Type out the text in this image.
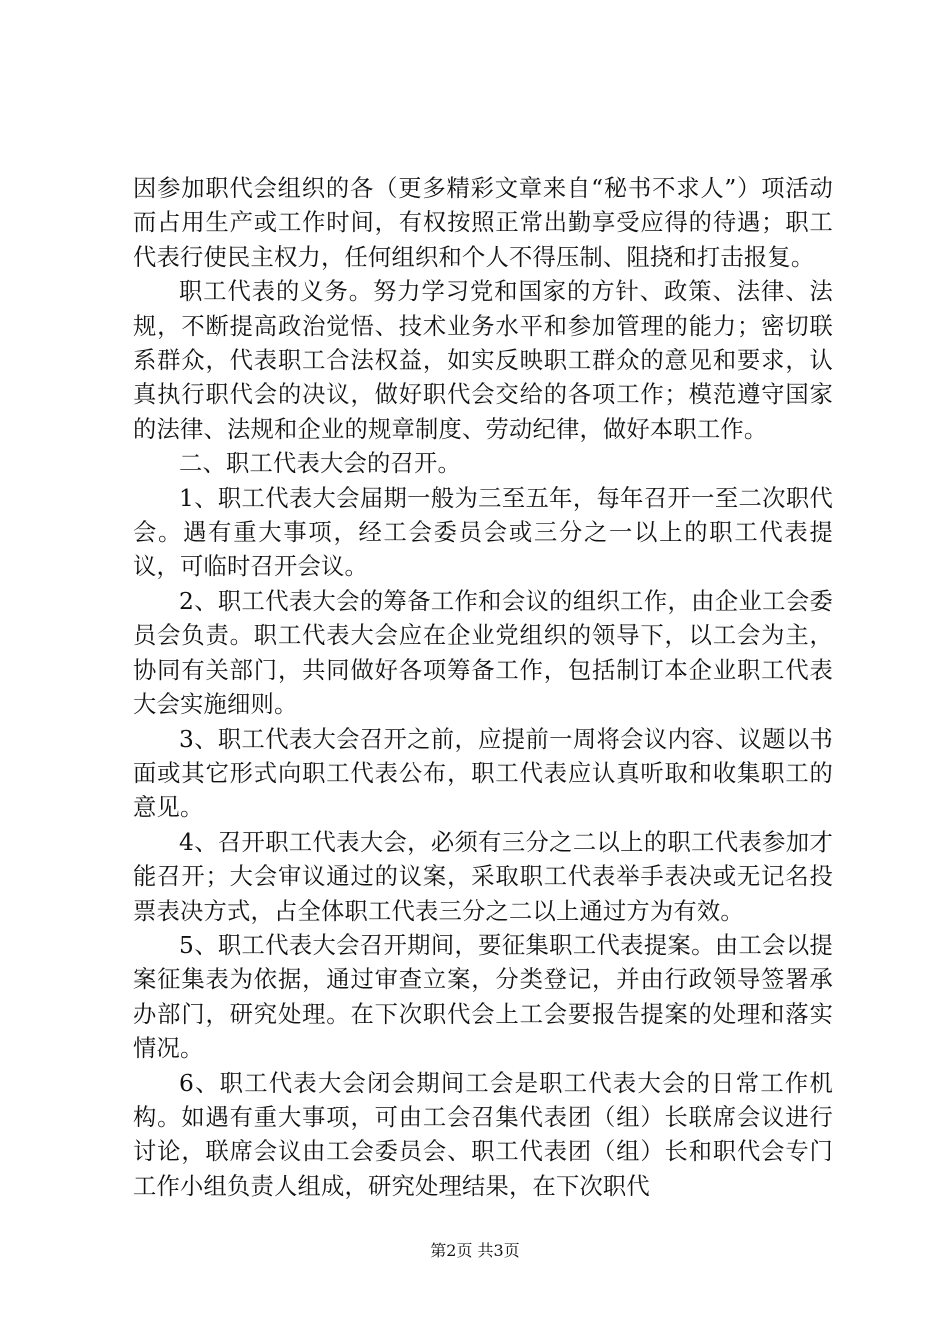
因参加职代会组织的各（更多精彩文章来自“秘书不求人”）项活动而占用生产或工作时间，有权按照正常出勤享受应得的待遇；职工代表行使民主权力，任何组织和个人不得压制、阻挠和打击报复。

职工代表的义务。努力学习党和国家的方针、政策、法律、法规，不断提高政治觉悟、技术业务水平和参加管理的能力；密切联系群众，代表职工合法权益，如实反映职工群众的意见和要求，认真执行职代会的决议，做好职代会交给的各项工作；模范遵守国家的法律、法规和企业的规章制度、劳动纪律，做好本职工作。

二、职工代表大会的召开。

1、职工代表大会届期一般为三至五年，每年召开一至二次职代会。遇有重大事项，经工会委员会或三分之一以上的职工代表提议，可临时召开会议。

2、职工代表大会的筹备工作和会议的组织工作，由企业工会委员会负责。职工代表大会应在企业党组织的领导下，以工会为主，协同有关部门，共同做好各项筹备工作，包括制订本企业职工代表大会实施细则。

3、职工代表大会召开之前，应提前一周将会议内容、议题以书面或其它形式向职工代表公布，职工代表应认真听取和收集职工的意见。

4、召开职工代表大会，必须有三分之二以上的职工代表参加才能召开；大会审议通过的议案，采取职工代表举手表决或无记名投票表决方式，占全体职工代表三分之二以上通过方为有效。

5、职工代表大会召开期间，要征集职工代表提案。由工会以提案征集表为依据，通过审查立案，分类登记，并由行政领导签署承办部门，研究处理。在下次职代会上工会要报告提案的处理和落实情况。

6、职工代表大会闭会期间工会是职工代表大会的日常工作机构。如遇有重大事项，可由工会召集代表团（组）长联席会议进行讨论，联席会议由工会委员会、职工代表团（组）长和职代会专门工作小组负责人组成，研究处理结果，在下次职代

第2页 共3页
